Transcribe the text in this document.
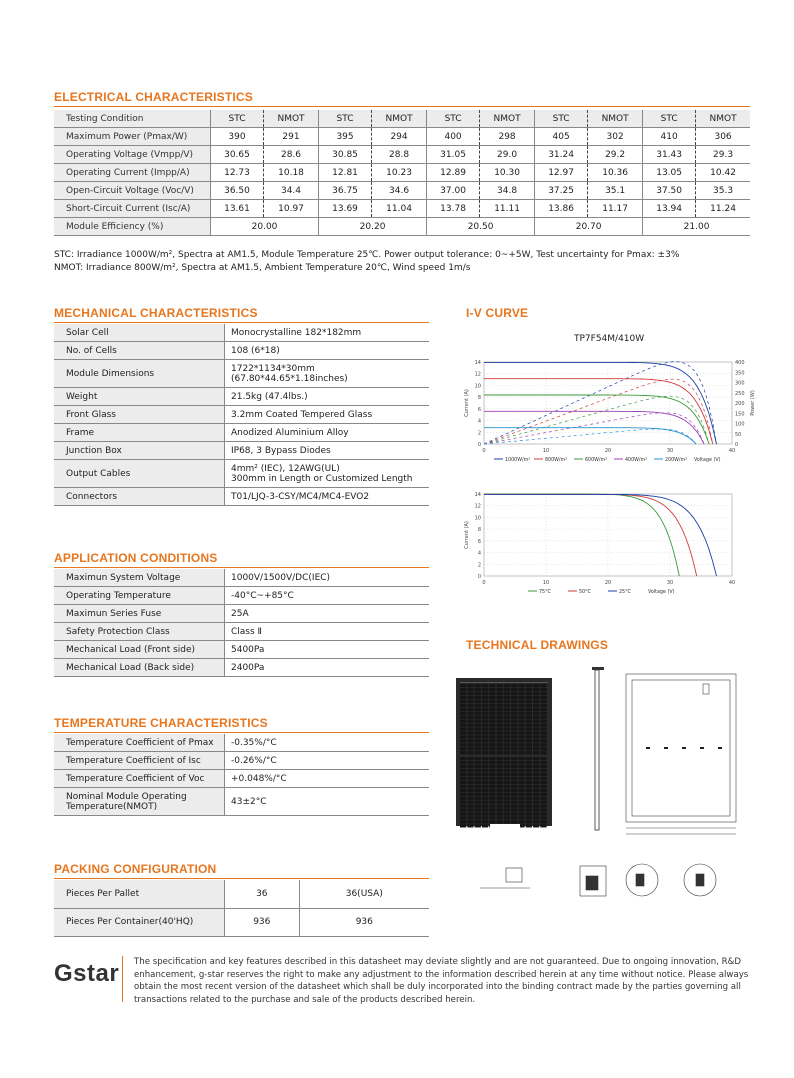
ELECTRICAL CHARACTERISTICS
Testing Condition	STC	NMOT	STC	NMOT	STC	NMOT	STC	NMOT	STC	NMOT
Maximum Power (Pmax/W)	390	291	395	294	400	298	405	302	410	306
Operating Voltage (Vmpp/V)	30.65	28.6	30.85	28.8	31.05	29.0	31.24	29.2	31.43	29.3
Operating Current (Impp/A)	12.73	10.18	12.81	10.23	12.89	10.30	12.97	10.36	13.05	10.42
Open-Circuit Voltage (Voc/V)	36.50	34.4	36.75	34.6	37.00	34.8	37.25	35.1	37.50	35.3
Short-Circuit Current (Isc/A)	13.61	10.97	13.69	11.04	13.78	11.11	13.86	11.17	13.94	11.24
Module Efficiency (%)	20.00		20.20		20.50		20.70		21.00	
STC: Irradiance 1000W/m², Spectra at AM1.5, Module Temperature 25℃. Power output tolerance: 0~+5W, Test uncertainty for Pmax: ±3%
NMOT: Irradiance 800W/m², Spectra at AM1.5, Ambient Temperature 20℃, Wind speed 1m/s
MECHANICAL CHARACTERISTICS
Solar Cell	Monocrystalline 182*182mm

No. of Cells	108 (6*18)

Module Dimensions	1722*1134*30mm
(67.80*44.65*1.18inches)

Weight	21.5kg (47.4lbs.)

Front Glass	3.2mm Coated Tempered Glass

Frame	Anodized Aluminium Alloy

Junction Box	IP68, 3 Bypass Diodes

Output Cables	4mm² (IEC), 12AWG(UL)
300mm in Length or Customized Length

Connectors	T01/LJQ-3-CSY/MC4/MC4-EVO2
APPLICATION CONDITIONS
Maximun System Voltage	1000V/1500V/DC(IEC)

Operating Temperature	-40°C~+85°C

Maximun Series Fuse	25A

Safety Protection Class	Class Ⅱ

Mechanical Load (Front side)	5400Pa

Mechanical Load (Back side)	2400Pa
TEMPERATURE CHARACTERISTICS
Temperature Coefficient of Pmax	-0.35%/°C

Temperature Coefficient of Isc	-0.26%/°C

Temperature Coefficient of Voc	+0.048%/°C

Nominal Module Operating
Temperature(NMOT)	43±2°C
PACKING CONFIGURATION
Pieces Per Pallet	36	36(USA)

Pieces Per Container(40'HQ)	936	936
I-V CURVE
TP7F54M/410W
0
2
4
6
8
10
12
14
0	10	20	30	40
Current (A)
0
50
100
150
200
250
300
350
400
Power (W)
1000W/m²	800W/m²	600W/m²	400W/m²	200W/m² Voltage (V)
0
2
4
6
8
10
12
14
0	10	20	30	40
Current (A)
75°C	50°C	25°C	Voltage (V)
TECHNICAL DRAWINGS
Gstar The specification and key features described in this datasheet may deviate slightly and are not guaranteed. Due to ongoing innovation, R&D
enhancement, g-star reserves the right to make any adjustment to the information described herein at any time without notice. Please always
obtain the most recent version of the datasheet which shall be duly incorporated into the binding contract made by the parties governing all
transactions related to the purchase and sale of the products described herein.
